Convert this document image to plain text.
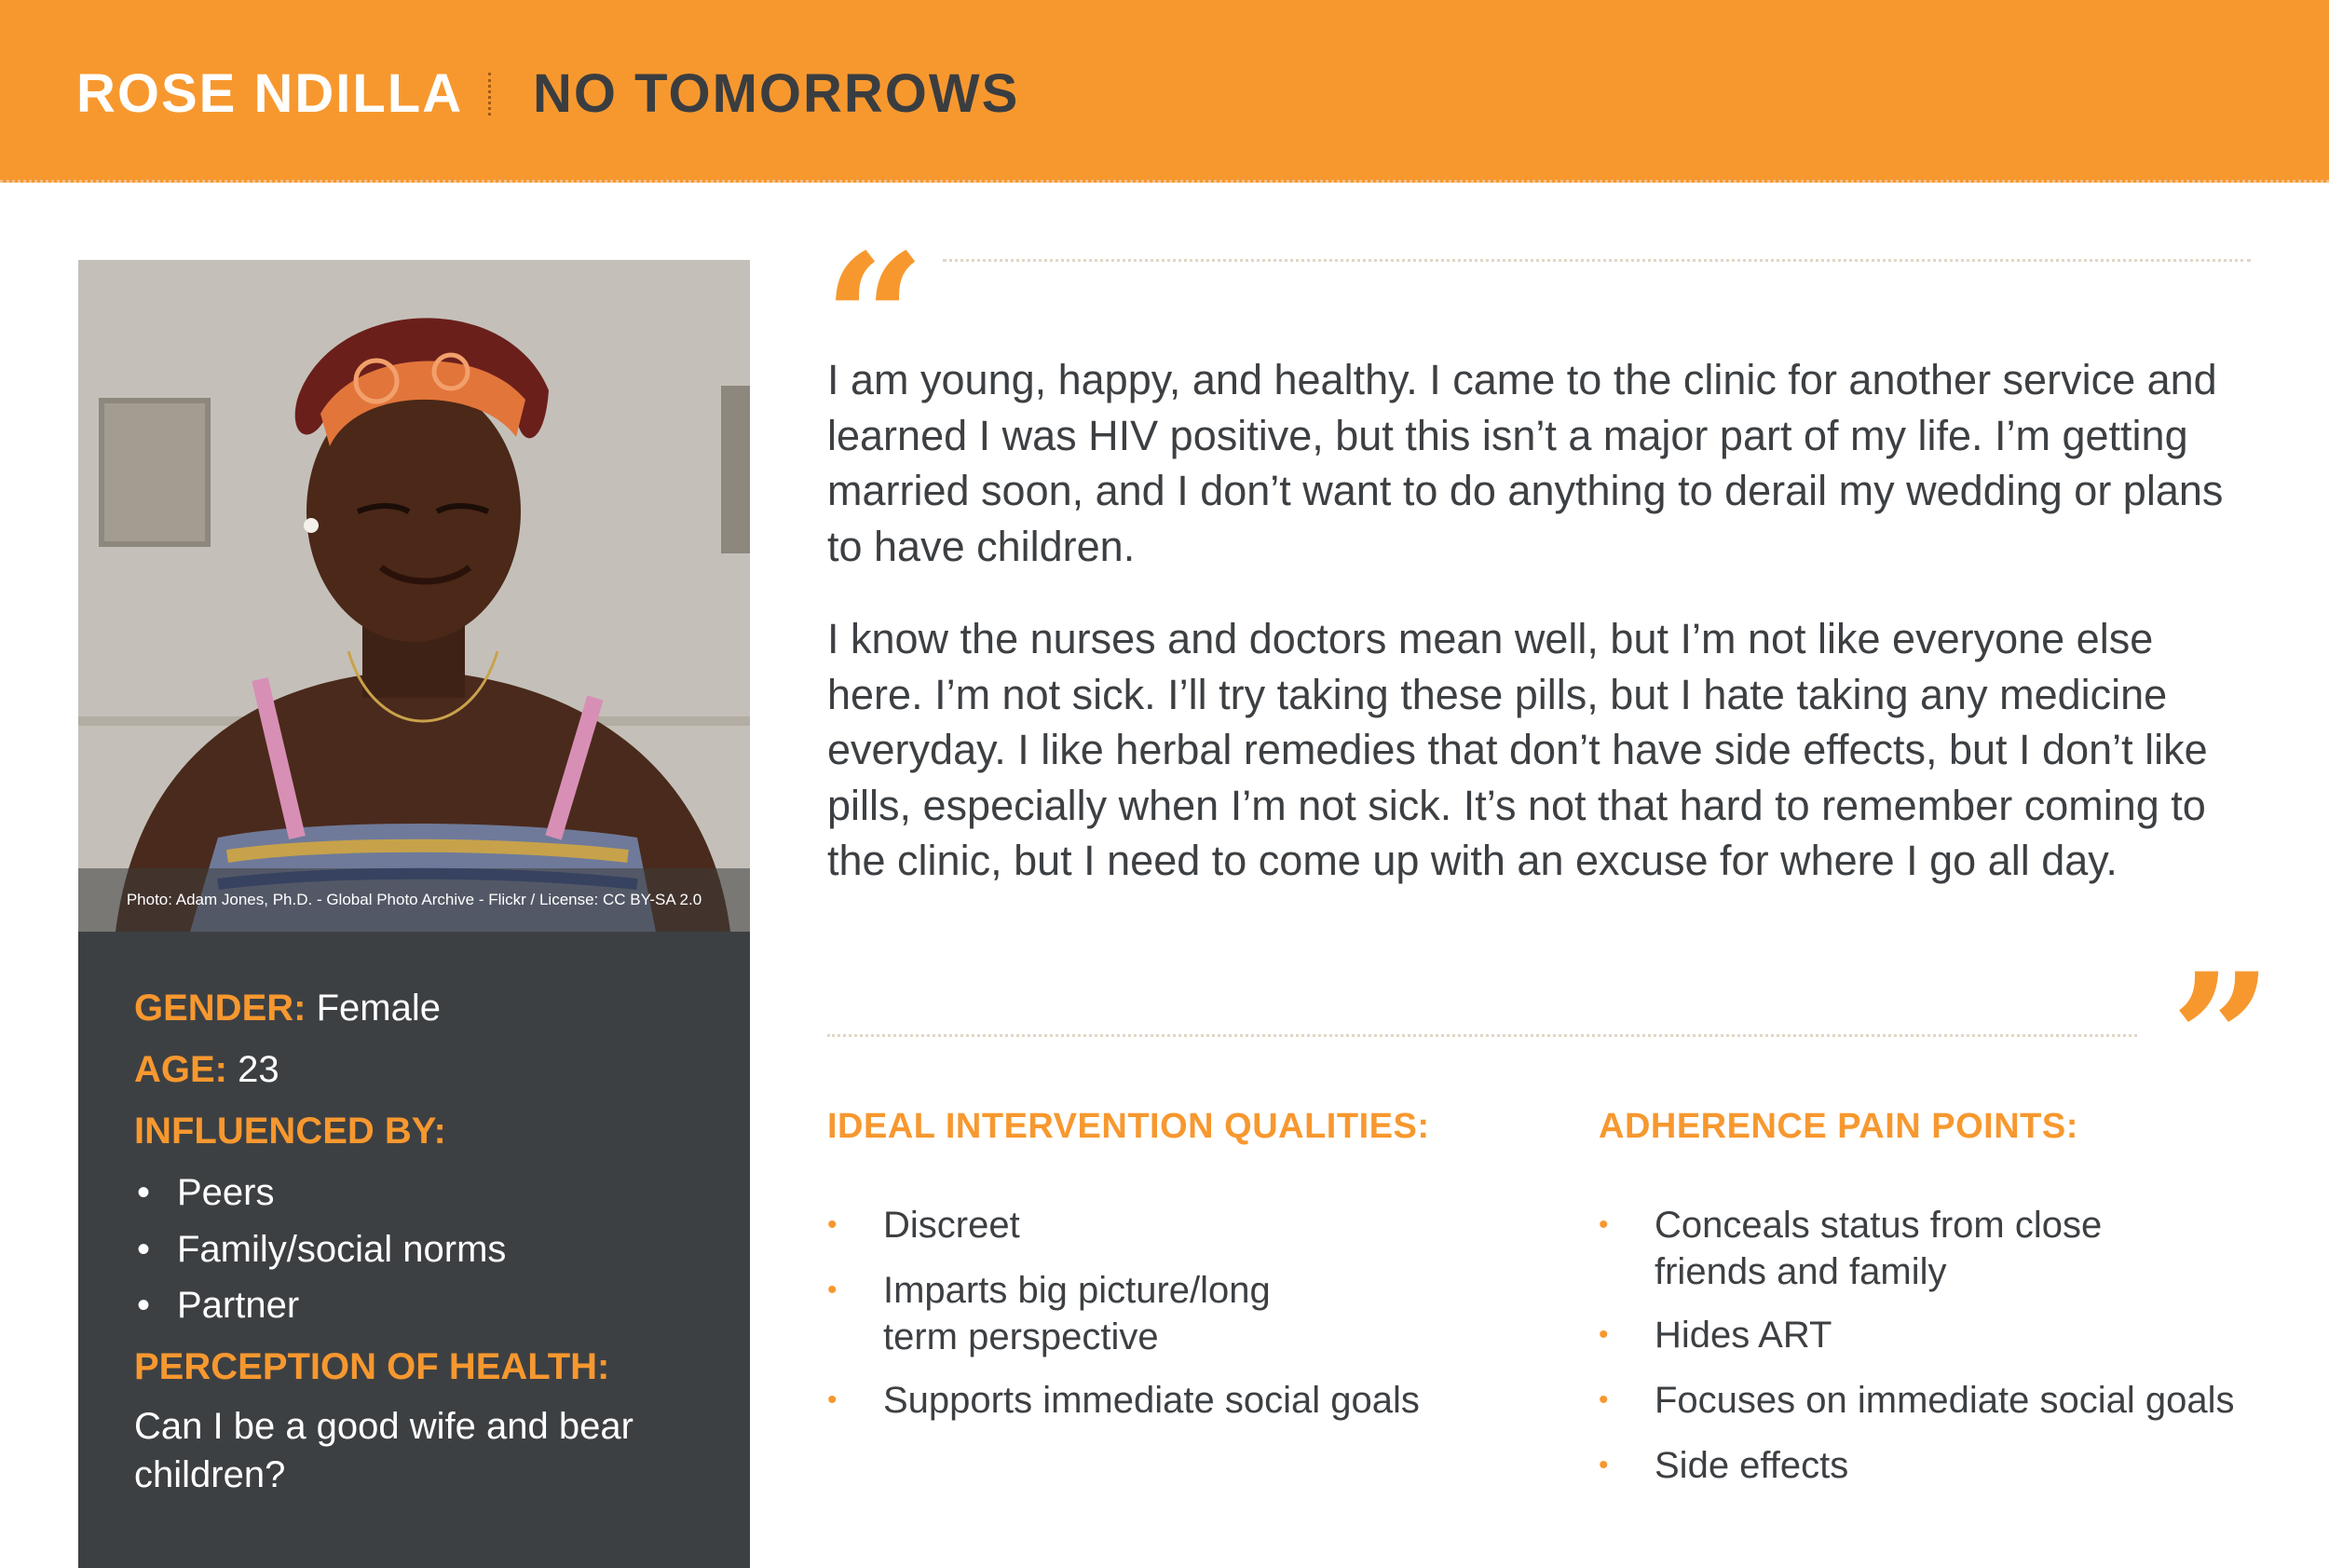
ROSE NDILLA NO TOMORROWS
Photo: Adam Jones, Ph.D. - Global Photo Archive - Flickr / License: CC BY-SA 2.0
GENDER: Female
AGE: 23
INFLUENCED BY:
• Peers
• Family/social norms
• Partner
PERCEPTION OF HEALTH:
Can I be a good wife and bear children?
“

I am young, happy, and healthy. I came to the clinic for another service and learned I was HIV positive, but this isn’t a major part of my life. I’m getting married soon, and I don’t want to do anything to derail my wedding or plans to have children.

I know the nurses and doctors mean well, but I’m not like everyone else here. I’m not sick. I’ll try taking these pills, but I hate taking any medicine everyday. I like herbal remedies that don’t have side effects, but I don’t like pills, especially when I’m not sick. It’s not that hard to remember coming to the clinic, but I need to come up with an excuse for where I go all day.

”
IDEAL INTERVENTION QUALITIES:
• Discreet
• Imparts big picture/long term perspective
• Supports immediate social goals
ADHERENCE PAIN POINTS:
• Conceals status from close friends and family
• Hides ART
• Focuses on immediate social goals
• Side effects
